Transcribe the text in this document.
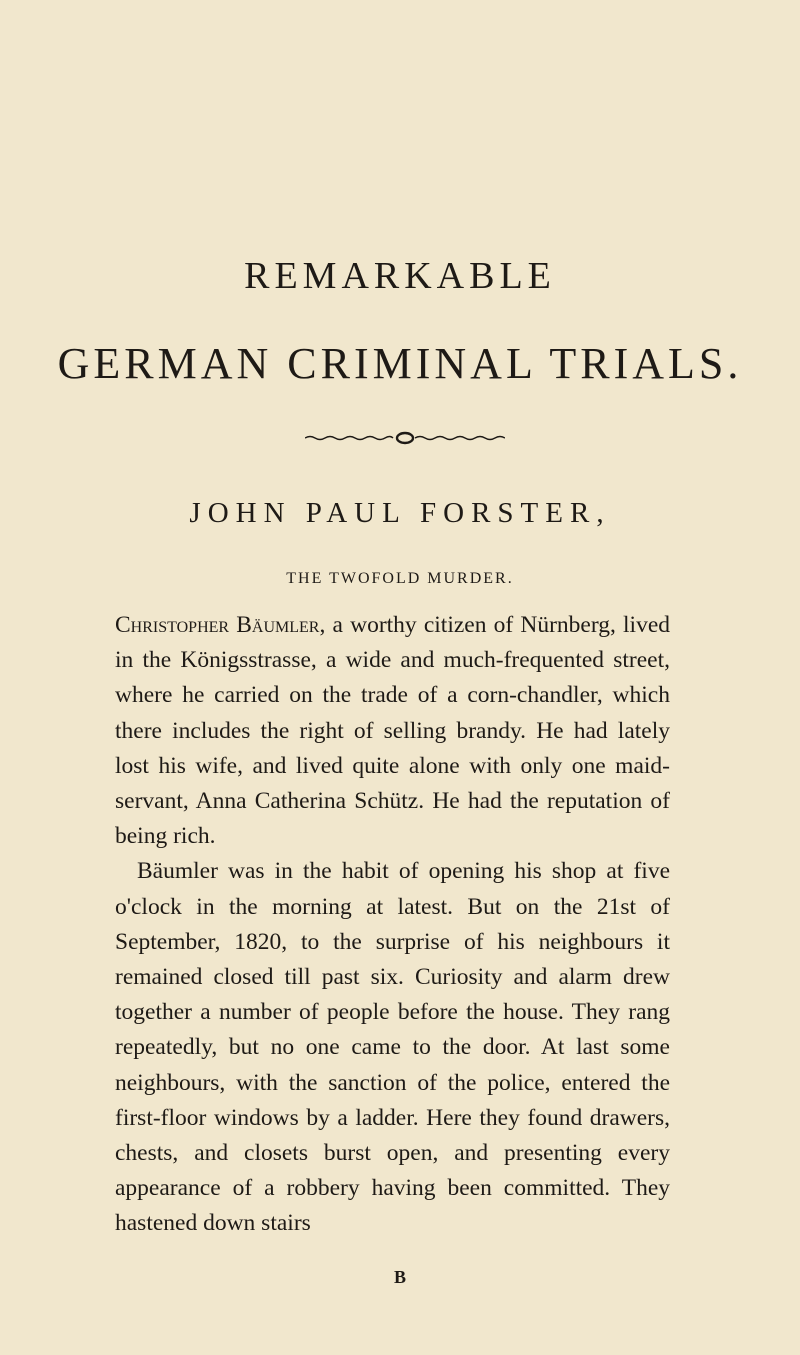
REMARKABLE
GERMAN CRIMINAL TRIALS.
JOHN PAUL FORSTER,
THE TWOFOLD MURDER.

Christopher Bäumler, a worthy citizen of Nürnberg, lived in the Königsstrasse, a wide and much-frequented street, where he carried on the trade of a corn-chandler, which there includes the right of selling brandy. He had lately lost his wife, and lived quite alone with only one maid-servant, Anna Catherina Schütz. He had the reputation of being rich.

Bäumler was in the habit of opening his shop at five o'clock in the morning at latest. But on the 21st of September, 1820, to the surprise of his neighbours it remained closed till past six. Curiosity and alarm drew together a number of people before the house. They rang repeatedly, but no one came to the door. At last some neighbours, with the sanction of the police, entered the first-floor windows by a ladder. Here they found drawers, chests, and closets burst open, and presenting every appearance of a robbery having been committed. They hastened down stairs

B
